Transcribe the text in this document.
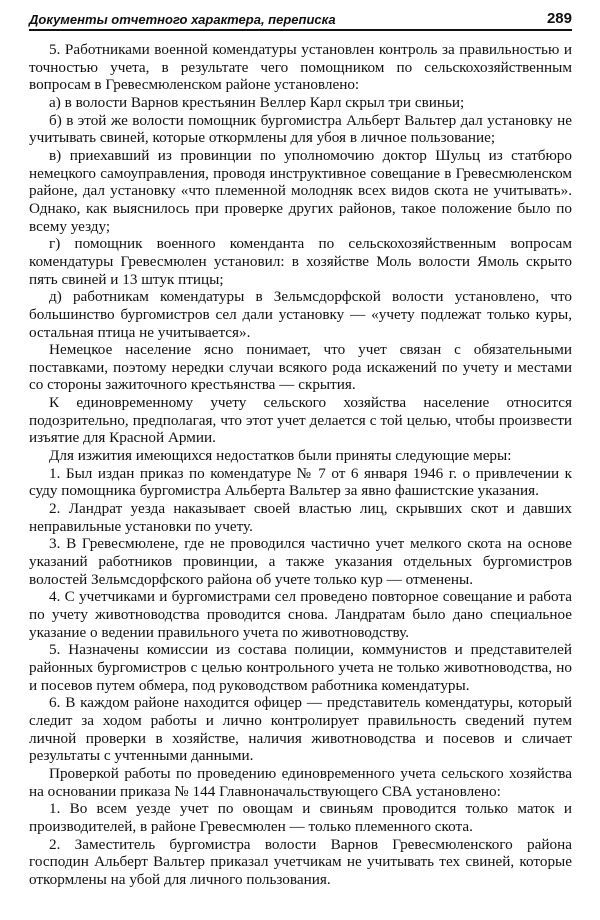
Документы отчетного характера, переписка	289

5. Работниками военной комендатуры установлен контроль за правильностью и точностью учета, в результате чего помощником по сельскохозяйственным вопросам в Гревесмюленском районе установлено:

а) в волости Варнов крестьянин Веллер Карл скрыл три свиньи;

б) в этой же волости помощник бургомистра Альберт Вальтер дал установку не учитывать свиней, которые откормлены для убоя в личное пользование;

в) приехавший из провинции по уполномочию доктор Шульц из статбюро немецкого самоуправления, проводя инструктивное совещание в Гревесмюленском районе, дал установку «что племенной молодняк всех видов скота не учитывать». Однако, как выяснилось при проверке других районов, такое положение было по всему уезду;

г) помощник военного коменданта по сельскохозяйственным вопросам комендатуры Гревесмюлен установил: в хозяйстве Моль волости Ямоль скрыто пять свиней и 13 штук птицы;

д) работникам комендатуры в Зельмсдорфской волости установлено, что большинство бургомистров сел дали установку — «учету подлежат только куры, остальная птица не учитывается».

Немецкое население ясно понимает, что учет связан с обязательными поставками, поэтому нередки случаи всякого рода искажений по учету и местами со стороны зажиточного крестьянства — скрытия.

К единовременному учету сельского хозяйства население относится подозрительно, предполагая, что этот учет делается с той целью, чтобы произвести изъятие для Красной Армии.

Для изжития имеющихся недостатков были приняты следующие меры:

1. Был издан приказ по комендатуре № 7 от 6 января 1946 г. о привлечении к суду помощника бургомистра Альберта Вальтер за явно фашистские указания.

2. Ландрат уезда наказывает своей властью лиц, скрывших скот и давших неправильные установки по учету.

3. В Гревесмюлене, где не проводился частично учет мелкого скота на основе указаний работников провинции, а также указания отдельных бургомистров волостей Зельмсдорфского района об учете только кур — отменены.

4. С учетчиками и бургомистрами сел проведено повторное совещание и работа по учету животноводства проводится снова. Ландратам было дано специальное указание о ведении правильного учета по животноводству.

5. Назначены комиссии из состава полиции, коммунистов и представителей районных бургомистров с целью контрольного учета не только животноводства, но и посевов путем обмера, под руководством работника комендатуры.

6. В каждом районе находится офицер — представитель комендатуры, который следит за ходом работы и лично контролирует правильность сведений путем личной проверки в хозяйстве, наличия животноводства и посевов и сличает результаты с учтенными данными.

Проверкой работы по проведению единовременного учета сельского хозяйства на основании приказа № 144 Главноначальствующего СВА установлено:

1. Во всем уезде учет по овощам и свиньям проводится только маток и производителей, в районе Гревесмюлен — только племенного скота.

2. Заместитель бургомистра волости Варнов Гревесмюленского района господин Альберт Вальтер приказал учетчикам не учитывать тех свиней, которые откормлены на убой для личного пользования.
